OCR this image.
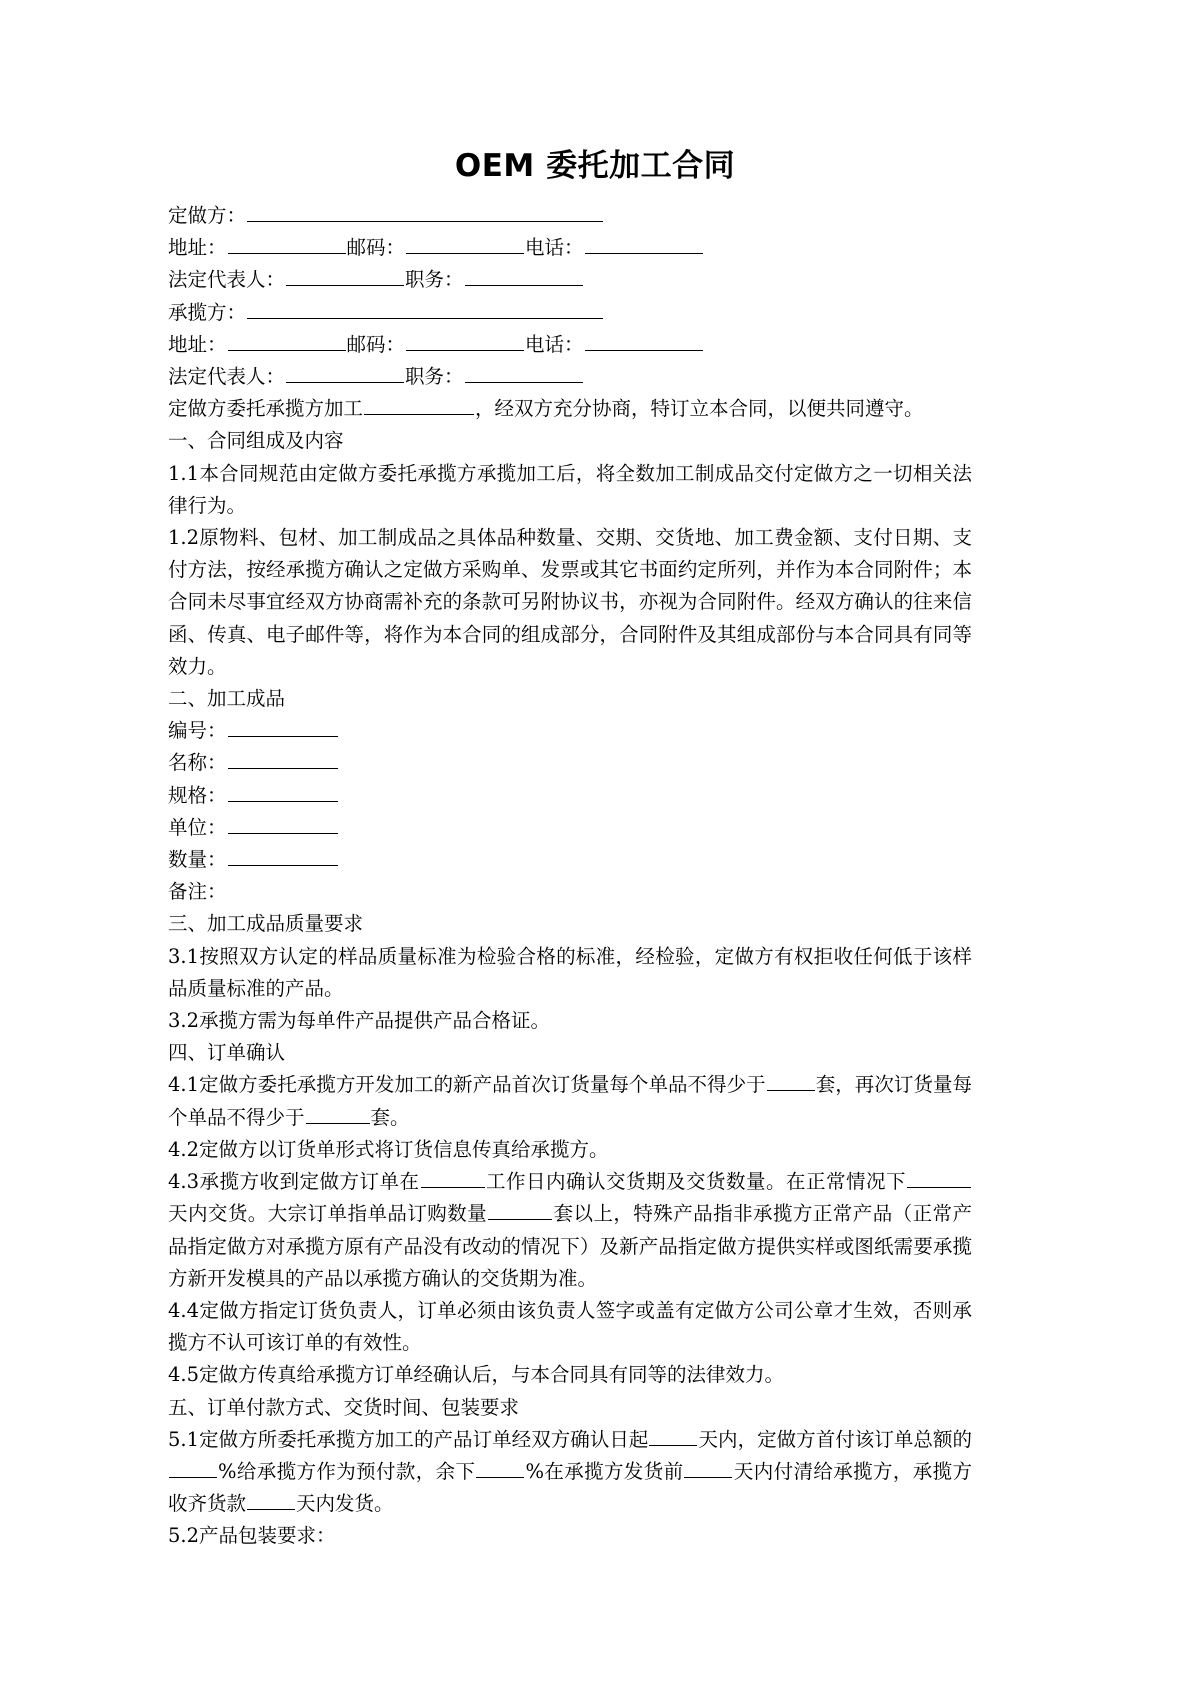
OEM 委托加工合同
定做方：
地址：	邮码：	电话：
法定代表人：	职务：
承揽方：
地址：	邮码：	电话：
法定代表人：	职务：
定做方委托承揽方加工	，经双方充分协商，特订立本合同，以便共同遵守。
一、合同组成及内容
1.1本合同规范由定做方委托承揽方承揽加工后，将全数加工制成品交付定做方之一切相关法律行为。
1.2原物料、包材、加工制成品之具体品种数量、交期、交货地、加工费金额、支付日期、支付方法，按经承揽方确认之定做方采购单、发票或其它书面约定所列，并作为本合同附件；本合同未尽事宜经双方协商需补充的条款可另附协议书，亦视为合同附件。经双方确认的往来信函、传真、电子邮件等，将作为本合同的组成部分，合同附件及其组成部份与本合同具有同等效力。
二、加工成品
编号：
名称：
规格：
单位：
数量：
备注：
三、加工成品质量要求
3.1按照双方认定的样品质量标准为检验合格的标准，经检验，定做方有权拒收任何低于该样品质量标准的产品。
3.2承揽方需为每单件产品提供产品合格证。
四、订单确认
4.1定做方委托承揽方开发加工的新产品首次订货量每个单品不得少于	套，再次订货量每个单品不得少于	套。
4.2定做方以订货单形式将订货信息传真给承揽方。
4.3承揽方收到定做方订单在	工作日内确认交货期及交货数量。在正常情况下天内交货。大宗订单指单品订购数量	套以上，特殊产品指非承揽方正常产品（正常产品指定做方对承揽方原有产品没有改动的情况下）及新产品指定做方提供实样或图纸需要承揽方新开发模具的产品以承揽方确认的交货期为准。
4.4定做方指定订货负责人，订单必须由该负责人签字或盖有定做方公司公章才生效，否则承揽方不认可该订单的有效性。
4.5定做方传真给承揽方订单经确认后，与本合同具有同等的法律效力。
五、订单付款方式、交货时间、包装要求
5.1定做方所委托承揽方加工的产品订单经双方确认日起	天内，定做方首付该订单总额的%给承揽方作为预付款，余下	%在承揽方发货前	天内付清给承揽方，承揽方收齐货款	天内发货。
5.2产品包装要求：
